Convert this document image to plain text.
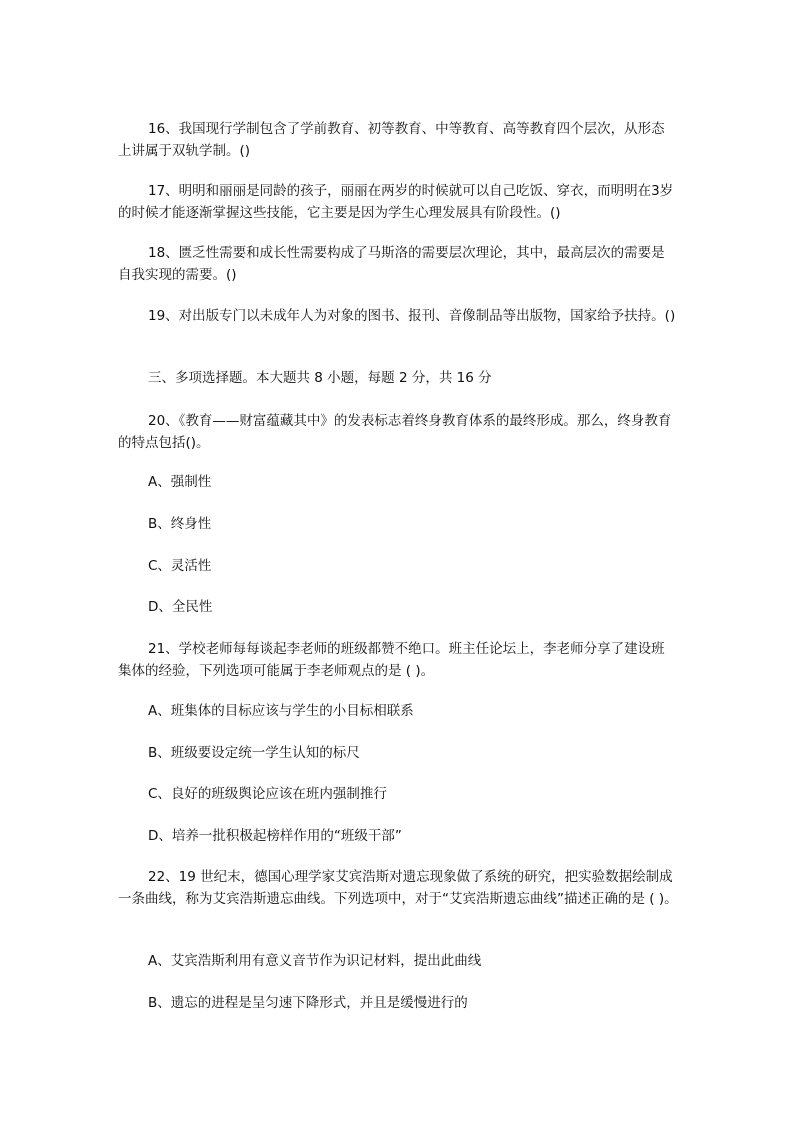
16、我国现行学制包含了学前教育、初等教育、中等教育、高等教育四个层次，从形态上讲属于双轨学制。()

17、明明和丽丽是同龄的孩子，丽丽在两岁的时候就可以自己吃饭、穿衣，而明明在3岁的时候才能逐渐掌握这些技能，它主要是因为学生心理发展具有阶段性。()

18、匮乏性需要和成长性需要构成了马斯洛的需要层次理论，其中，最高层次的需要是自我实现的需要。()

19、对出版专门以未成年人为对象的图书、报刊、音像制品等出版物，国家给予扶持。()

三、多项选择题。本大题共 8 小题，每题 2 分，共 16 分

20、《教育——财富蕴藏其中》的发表标志着终身教育体系的最终形成。那么，终身教育的特点包括()。

A、强制性

B、终身性

C、灵活性

D、全民性

21、学校老师每每谈起李老师的班级都赞不绝口。班主任论坛上，李老师分享了建设班集体的经验，下列选项可能属于李老师观点的是 ( )。

A、班集体的目标应该与学生的小目标相联系

B、班级要设定统一学生认知的标尺

C、良好的班级舆论应该在班内强制推行

D、培养一批积极起榜样作用的“班级干部”

22、19 世纪末，德国心理学家艾宾浩斯对遗忘现象做了系统的研究，把实验数据绘制成一条曲线，称为艾宾浩斯遗忘曲线。下列选项中，对于“艾宾浩斯遗忘曲线”描述正确的是 ( )。

A、艾宾浩斯利用有意义音节作为识记材料，提出此曲线

B、遗忘的进程是呈匀速下降形式，并且是缓慢进行的
